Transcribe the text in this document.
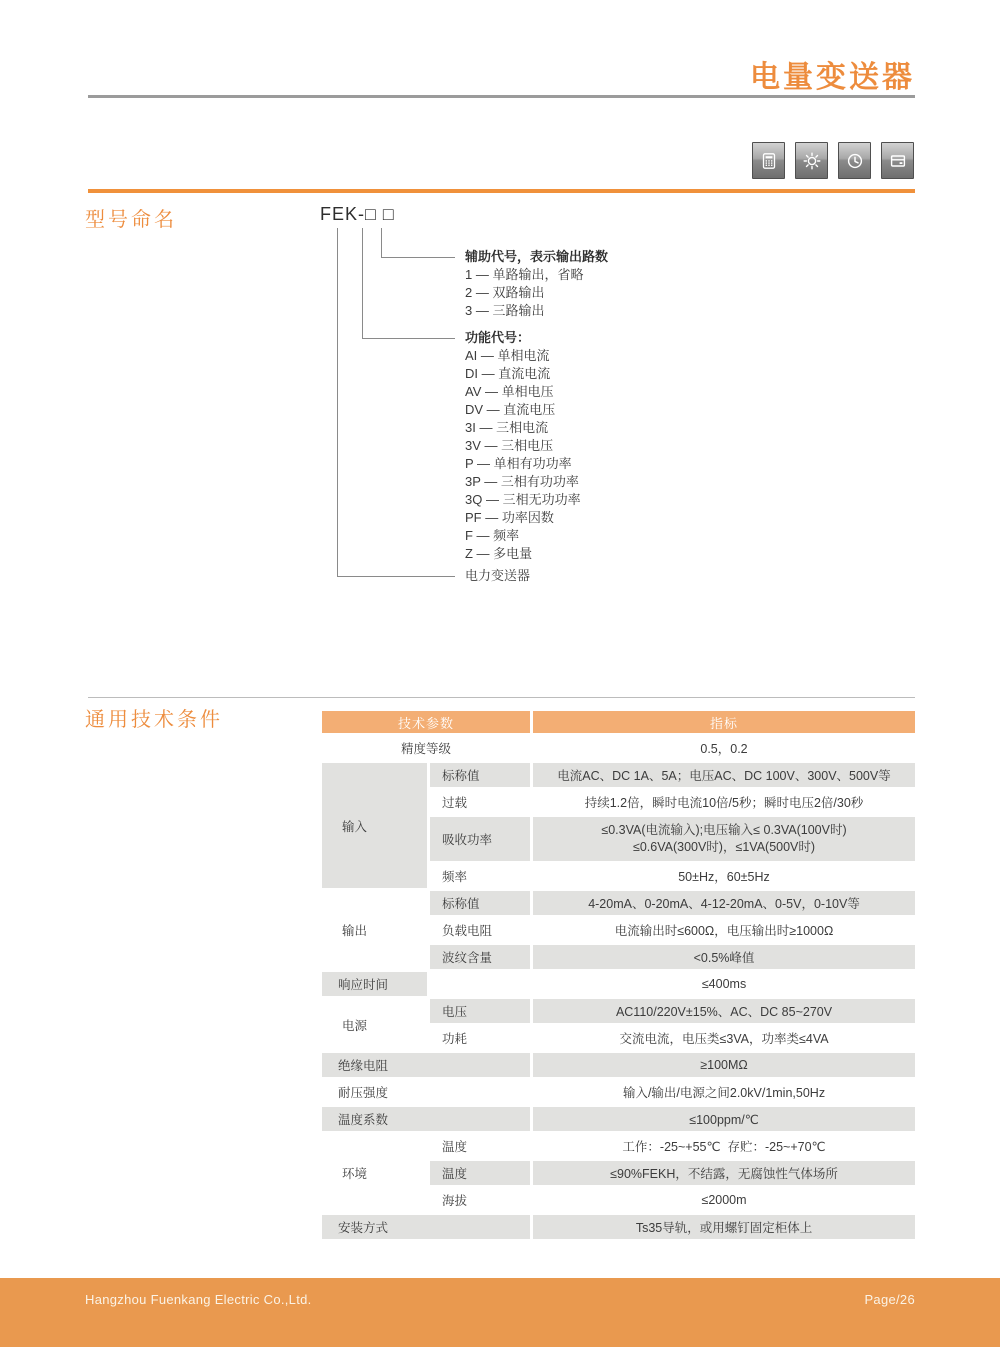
电量变送器
型号命名	FEK-□ □
辅助代号，表示输出路数
1 — 单路输出，省略
2 — 双路输出
3 — 三路输出
功能代号：
AI — 单相电流
DI — 直流电流
AV — 单相电压
DV — 直流电压
3I — 三相电流
3V — 三相电压
P — 单相有功功率
3P — 三相有功功率
3Q — 三相无功功率
PF — 功率因数
F — 频率
Z — 多电量
电力变送器
通用技术条件	技术参数		指标
精度等级		0.5，0.2
输入	标称值	电流AC、DC 1A、5A；电压AC、DC 100V、300V、500V等
	过载	持续1.2倍，瞬时电流10倍/5秒；瞬时电压2倍/30秒
	吸收功率	≤0.3VA(电流输入);电压输入≤ 0.3VA(100V时)
≤0.6VA(300V时)，≤1VA(500V时)

	频率	50±Hz，60±5Hz
输出	标称值	4-20mA、0-20mA、4-12-20mA、0-5V，0-10V等
	负载电阻	电流输出时≤600Ω，电压输出时≥1000Ω
	波纹含量	<0.5%峰值
响应时间		≤400ms
电源	电压	AC110/220V±15%、AC、DC 85~270V
	功耗	交流电流，电压类≤3VA，功率类≤4VA
绝缘电阻		≥100MΩ
耐压强度		输入/输出/电源之间2.0kV/1min,50Hz
温度系数		≤100ppm/℃
环境	温度	工作：-25~+55℃  存贮：-25~+70℃
	温度	≤90%FEKH，不结露，无腐蚀性气体场所
	海拔	≤2000m
安装方式		Ts35导轨，或用螺钉固定柜体上
Hangzhou Fuenkang Electric Co.,Ltd.	Page/26
